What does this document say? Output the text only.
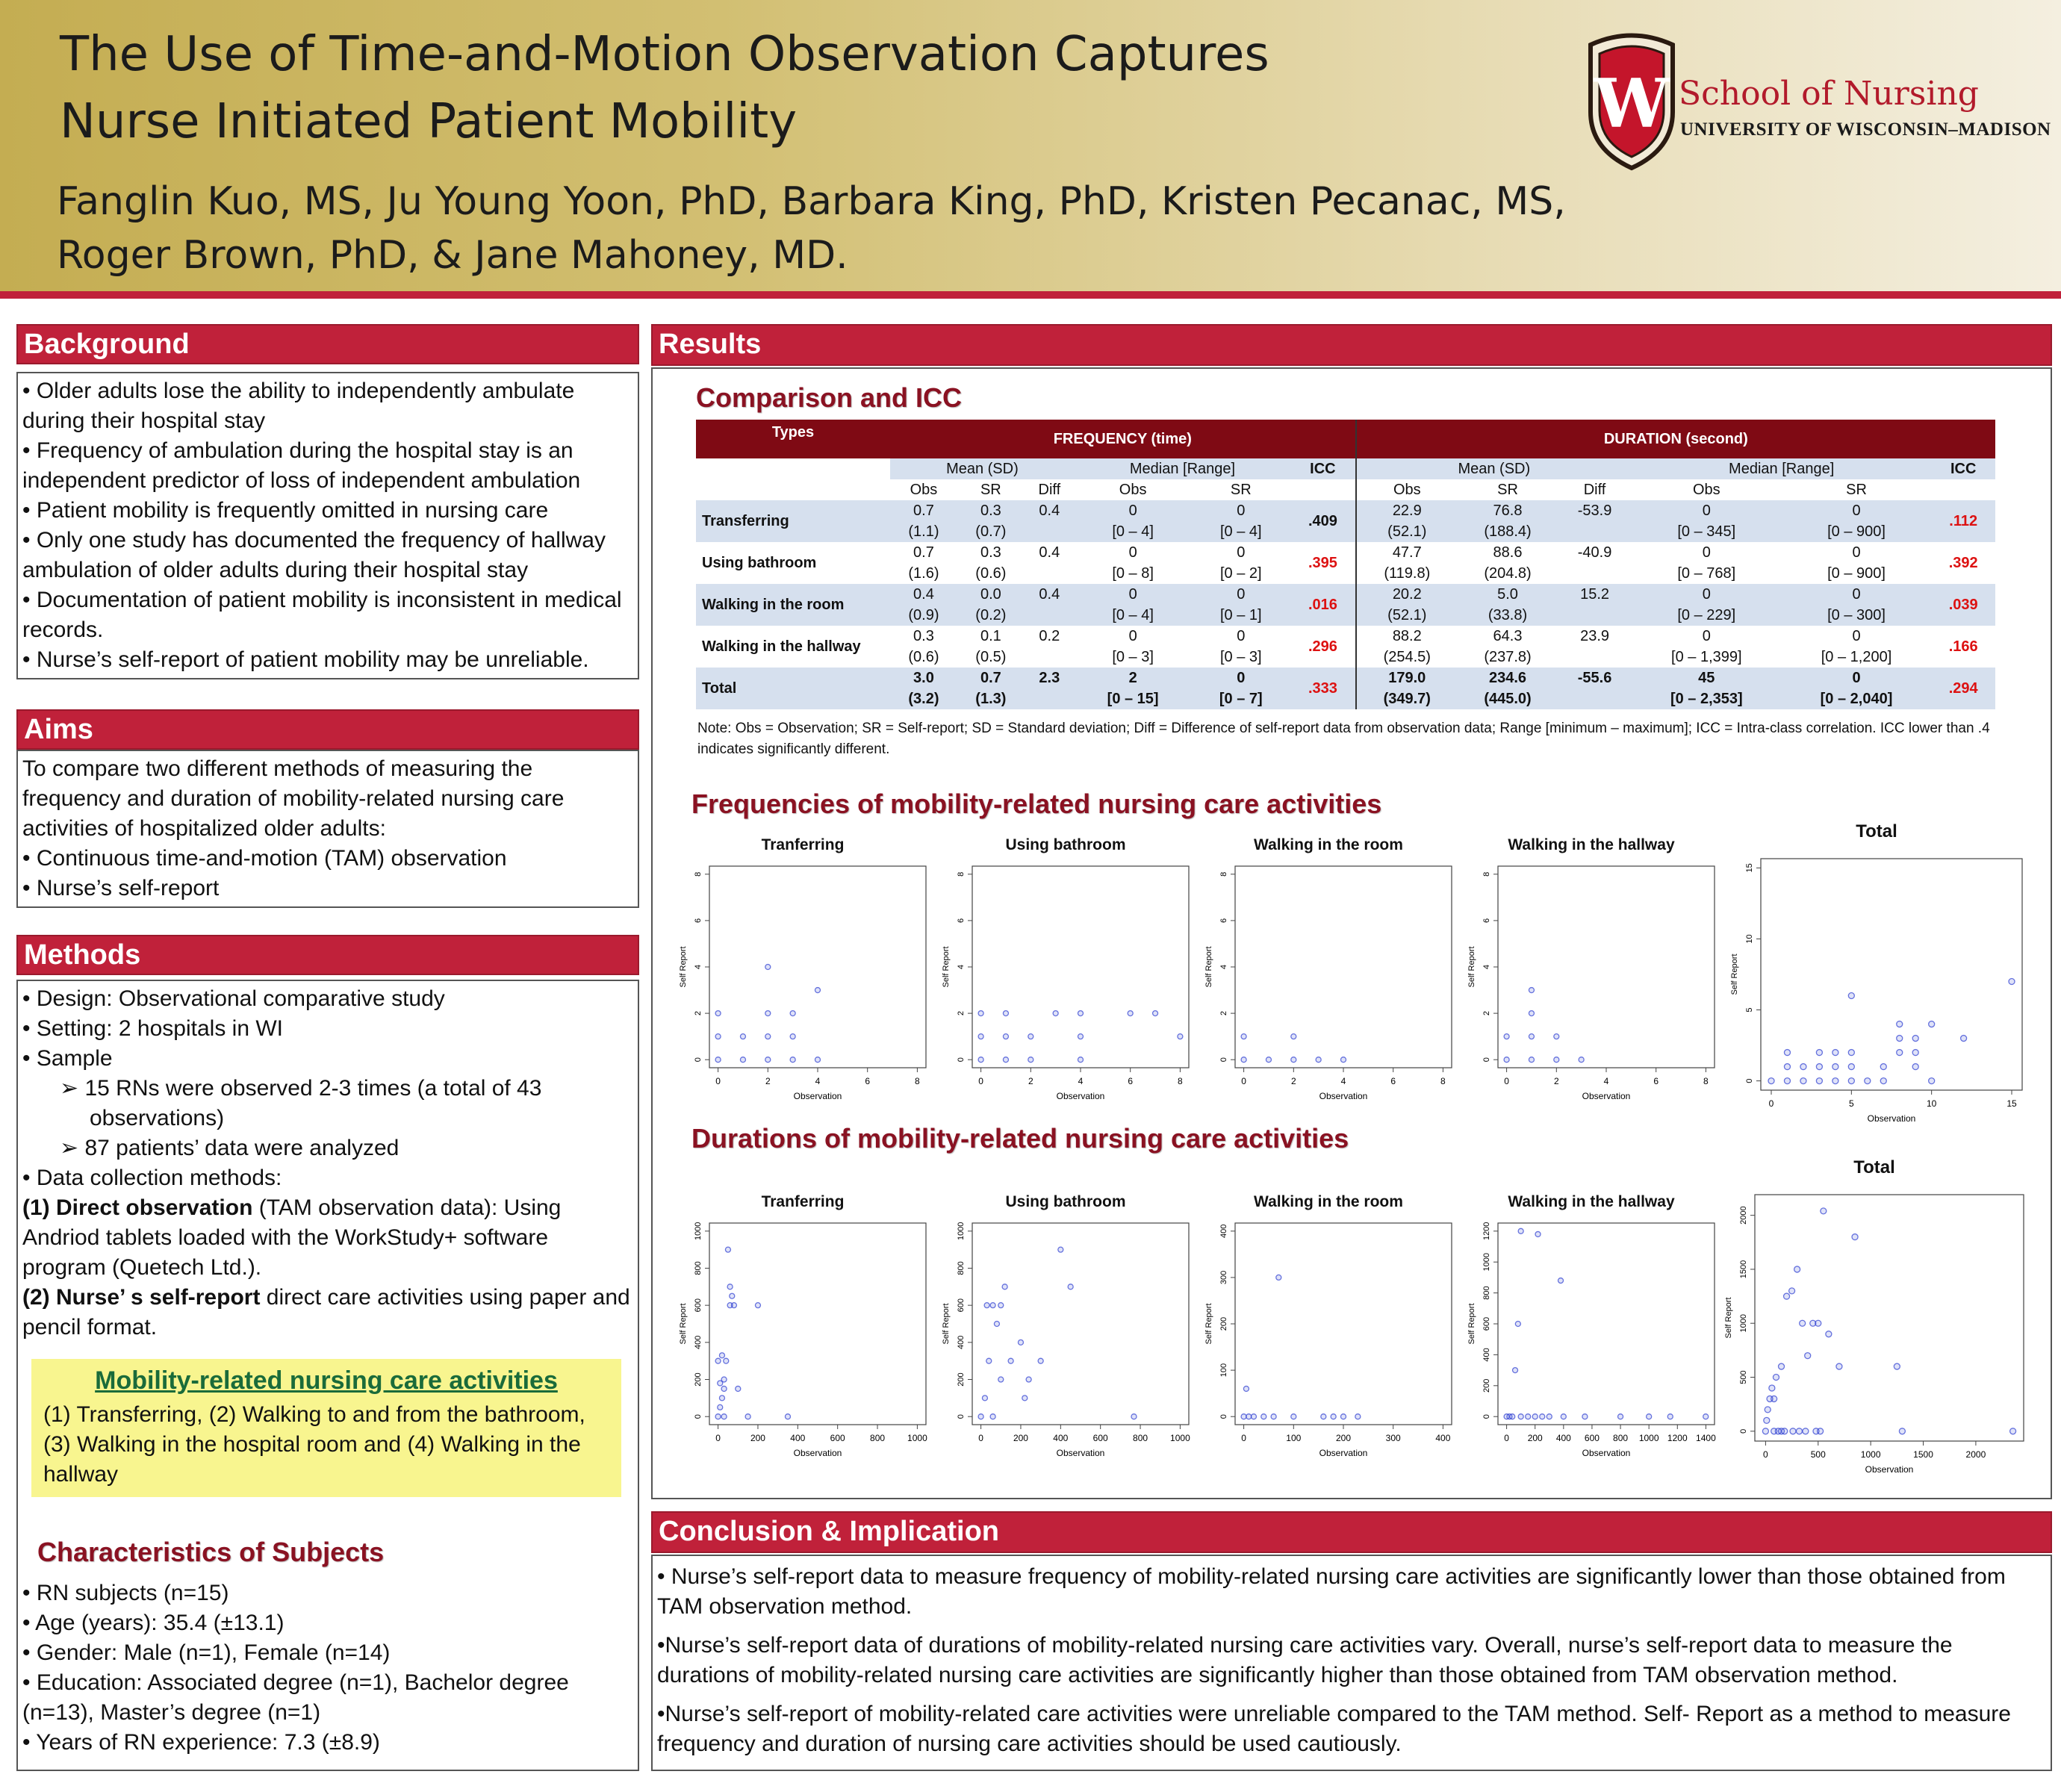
The Use of Time-and-Motion Observation Captures
Nurse Initiated Patient Mobility
Fanglin Kuo, MS, Ju Young Yoon, PhD, Barbara King, PhD, Kristen Pecanac, MS,
Roger Brown, PhD, & Jane Mahoney, MD.
W School of Nursing
UNIVERSITY OF WISCONSIN–MADISON
Background

• Older adults lose the ability to independently ambulate during their hospital stay

• Frequency of ambulation during the hospital stay is an independent predictor of loss of independent ambulation

• Patient mobility is frequently omitted in nursing care

• Only one study has documented the frequency of hallway ambulation of older adults during their hospital stay

• Documentation of patient mobility is inconsistent in medical records.

• Nurse’s self-report of patient mobility may be unreliable.

Aims

To compare two different methods of measuring the frequency and duration of mobility-related nursing care activities of hospitalized older adults:

• Continuous time-and-motion (TAM) observation

• Nurse’s self-report

Methods

• Design: Observational comparative study

• Setting: 2 hospitals in WI

• Sample

➢ 15 RNs were observed 2-3 times (a total of 43 observations)

➢ 87 patients’ data were analyzed

• Data collection methods:

(1) Direct observation (TAM observation data): Using Andriod tablets loaded with the WorkStudy+ software program (Quetech Ltd.).

(2) Nurse’ s self-report direct care activities using paper and pencil format.

Characteristics of Subjects

• RN subjects (n=15)

• Age (years): 35.4 (±13.1)

• Gender: Male (n=1), Female (n=14)

• Education: Associated degree (n=1), Bachelor degree (n=13), Master’s degree (n=1)

• Years of RN experience: 7.3 (±8.9)

Mobility-related nursing care activities
(1) Transferring, (2) Walking to and from the bathroom, (3) Walking in the hospital room and (4) Walking in the hallway
Results
Comparison and ICC
Types	FREQUENCY (time)						DURATION (second)					
	Mean (SD)			Median [Range]		ICC	Mean (SD)			Median [Range]		ICC
	Obs	SR	Diff	Obs	SR		Obs	SR	Diff	Obs	SR	
Transferring	0.7	0.3	0.4	0	0	.409	22.9	76.8	-53.9	0	0	.112
	(1.1)	(0.7)		[0 – 4]	[0 – 4]		(52.1)	(188.4)		[0 – 345]	[0 – 900]	
Using bathroom	0.7	0.3	0.4	0	0	.395	47.7	88.6	-40.9	0	0	.392
	(1.6)	(0.6)		[0 – 8]	[0 – 2]		(119.8)	(204.8)		[0 – 768]	[0 – 900]	
Walking in the room	0.4	0.0	0.4	0	0	.016	20.2	5.0	15.2	0	0	.039
	(0.9)	(0.2)		[0 – 4]	[0 – 1]		(52.1)	(33.8)		[0 – 229]	[0 – 300]	
Walking in the hallway	0.3	0.1	0.2	0	0	.296	88.2	64.3	23.9	0	0	.166
	(0.6)	(0.5)		[0 – 3]	[0 – 3]		(254.5)	(237.8)		[0 – 1,399]	[0 – 1,200]	
Total	3.0	0.7	2.3	2	0	.333	179.0	234.6	-55.6	45	0	.294
	(3.2)	(1.3)		[0 – 15]	[0 – 7]		(349.7)	(445.0)		[0 – 2,353]	[0 – 2,040]	
Note: Obs = Observation; SR = Self-report; SD = Standard deviation; Diff = Difference of self-report data from observation data; Range [minimum – maximum]; ICC = Intra-class correlation. ICC lower than .4 indicates significantly different.
Frequencies of mobility-related nursing care activities
Durations of mobility-related nursing care activities
Tranferring
0	2	4	6	8
0
2
4
6
8
Observation
Self Report
Using bathroom
0	2	4	6	8
0
2
4
6
8
Observation
Self Report
Walking in the room
0	2	4	6	8
0
2
4
6
8
Observation
Self Report
Walking in the hallway
0	2	4	6	8
0
2
4
6
8
Observation
Self Report
Total
0	5	10	15
0
5
10
15
Observation
Self Report
Tranferring
0	200	400	600	800 1000
0
200
400
600
800
1000
Observation
Self Report
Using bathroom
0	200	400	600	800 1000
0
200
400
600
800
1000
Observation
Self Report
Walking in the room
0	100	200	300	400
0
100
200
300
400
Observation
Self Report
Walking in the hallway
0 200 400 600 800 1000 1200 1400
0
200
400
600
800
1000
1200
Observation
Self Report
Total
0	500	1000	1500	2000
0
500
1000
1500
2000
Observation
Self Report
Conclusion & Implication

• Nurse’s self-report data to measure frequency of mobility-related nursing care activities are significantly lower than those obtained from TAM observation method.

•Nurse’s self-report data of durations of mobility-related nursing care activities vary. Overall, nurse’s self-report data to measure the durations of mobility-related nursing care activities are significantly higher than those obtained from TAM observation method.

•Nurse’s self-report of mobility-related care activities were unreliable compared to the TAM method. Self- Report as a method to measure frequency and duration of nursing care activities should be used cautiously.
